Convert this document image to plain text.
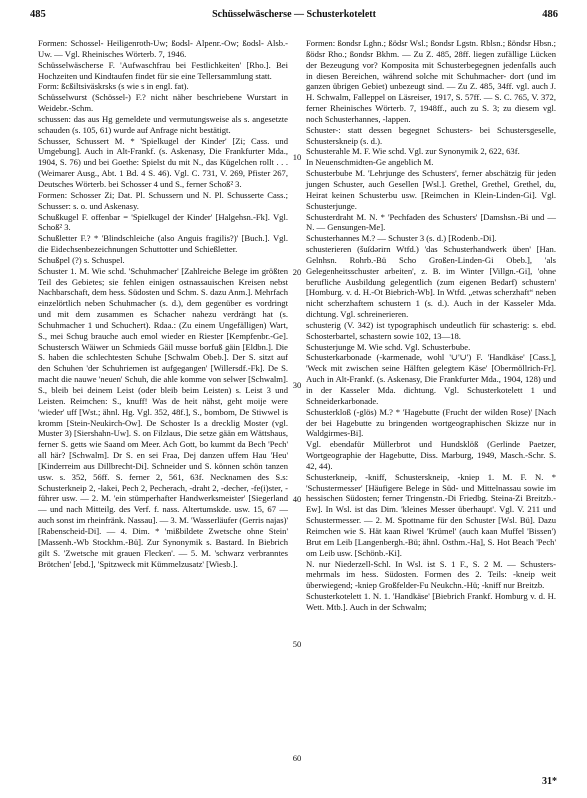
485	Schüsselwäscherse — Schusterkotelett	486

Formen: Schossel- Heiligenroth-Uw; ßodsl- Alpenr.-Ow; ßodsl- Alsb.-Uw. — Vgl. Rheinisches Wörterb. 7, 1946.

Schüsselwäscherse F. 'Aufwaschfrau bei Festlichkeiten' [Rho.]. Bei Hochzeiten und Kindtaufen findet für sie eine Tellersammlung statt.

Form: ßcßiltsiväskrsks (s wie s in engl. fat).

Schüsselwurst (Schössel-) F.? nicht näher beschriebene Wurstart in Weidebr.-Schm.

schussen: das aus Hg gemeldete und vermutungsweise als s. angesetzte schauden (s. 105, 61) wurde auf Anfrage nicht bestätigt.

Schusser, Schussert M. * 'Spielkugel der Kinder' [Zi; Cass. und Umgebung]. Auch in Alt-Frankf. (s. Askenasy, Die Frankfurter Mda., 1904, S. 76) und bei Goethe: Spielst du mit N., das Kügelchen rollt . . . (Weimarer Ausg., Abt. 1 Bd. 4 S. 46). Vgl. C. 731, V. 269, Pfister 267, Deutsches Wörterb. bei Schosser 4 und S., ferner Schoß² 3.

Formen: Schosser Zi; Dat. Pl. Schussern und N. Pl. Schusserte Cass.; Schusser: s. o. und Askenasy.

Schußkugel F. offenbar = 'Spielkugel der Kinder' [Halgehsn.-Fk]. Vgl. Schoß² 3.

Schußletter F.? * 'Blindschleiche (also Anguis fragilis?)' [Buch.]. Vgl. die Eidechsenbezeichnungen Schuttotter und Schießletter.

Schußpel (?) s. Schuspel.

Schuster 1. M. Wie schd. 'Schuhmacher' [Zahlreiche Belege im größten Teil des Gebietes; sie fehlen einigen ostnassauischen Kreisen nebst Nachbarschaft, dem hess. Südosten und Schm. S. dazu Anm.]. Mehrfach einzelörtlich neben Schuhmacher (s. d.), dem gegenüber es vordringt und mit dem zusammen es Schacher nahezu verdrängt hat (s. Schuhmacher 1 und Schuchert). Rdaa.: (Zu einem Ungefälligen) Wart, S., mei Schug brauche auch emol wieder en Riester [Kempfenbr.-Ge]. Schustersch Wäiwer un Schmieds Gäil musse borfuß gäin [Eldbn.]. Die S. haben die schlechtesten Schuhe [Schwalm Obeb.]. Der S. sitzt auf den Schuhen 'der Schuhriemen ist aufgegangen' [Willersdf.-Fk]. De S. macht die nauwe 'neuen' Schuh, die ahle komme von selwer [Schwalm]. S., bleib bei deinem Leist (oder bleib beim Leisten) s. Leist 3 und Leisten. Reimchen: S., knuff! Was de heit nähst, geht moije were 'wieder' uff [Wst.; ähnl. Hg. Vgl. 352, 48f.], S., bombom, De Stiwwel is kromm [Stein-Neukirch-Ow]. De Schoster Is a drecklig Moster (vgl. Muster 3) [Siershahn-Uw]. S. on Filzlaus, Die setze gään em Wättshaus, ferner S. getts wie Saand om Meer. Ach Gott, bo kummt da Bech 'Pech' all här? [Schwalm]. Dr S. en sei Fraa, Dej danzen uffem Hau 'Heu' [Kinderreim aus Dillbrecht-Di]. Schneider und S. können schön tanzen usw. s. 352, 56ff. S. ferner 2, 561, 63f. Necknamen des S.s: Schusterkneip 2, -lakei, Pech 2, Pecherach, -draht 2, -decher, -fe(i)ster, -führer usw. — 2. M. 'ein stümperhafter Handwerksmeister' [Siegerland — und nach Mitteilg. des Verf. f. nass. Altertumskde. usw. 15, 67 — auch sonst im rheinfränk. Nassau]. — 3. M. 'Wasserläufer (Gerris najas)' [Rabenscheid-Di]. — 4. Dim. * 'mißbildete Zwetsche ohne Stein' [Massenh.-Wb Stockhm.-Bü]. Zur Synonymik s. Bastard. In Biebrich gilt S. 'Zwetsche mit grauen Flecken'. — 5. M. 'schwarz verbranntes Brötchen' [ebd.], 'Spitzweck mit Kümmelzusatz' [Wiesb.].

Formen: ßondsr Lghn.; ßödsr Wsl.; ßondsr Lgstn. Rblsn.; ßöndsr Hbsn.; ßödsr Rho.; ßondsr Bkhm. — Zu Z. 485, 28ff. liegen zufällige Lücken der Bezeugung vor? Komposita mit Schusterbegegnen jedenfalls auch in diesen Bereichen, während solche mit Schuhmacher- dort (und im ganzen übrigen Gebiet) unbezeugt sind. — Zu Z. 485, 34ff. vgl. auch J. H. Schwalm, Falleppel on Läsreiser, 1917, S. 57ff. — S. C. 765, V. 372, ferner Rheinisches Wörterb. 7, 1948ff., auch zu S. 3; zu diesem vgl. noch Schusterhannes, -lappen.

Schuster-: statt dessen begegnet Schusters- bei Schustersgeselle, Schusterskneip (s. d.).

Schusterahle M. F. Wie schd. Vgl. zur Synonymik 2, 622, 63f.

In Neuenschmidten-Ge angeblich M.

Schusterbube M. 'Lehrjunge des Schusters', ferner abschätzig für jeden jungen Schuster, auch Gesellen [Wsl.]. Grethel, Grethel, Grethel, du, Heirat keinen Schusterbu usw. [Reimchen in Klein-Linden-Gi]. Vgl. Schusterjunge.

Schusterdraht M. N. * 'Pechfaden des Schusters' [Damshsn.-Bi und — N. — Gensungen-Me].

Schusterhannes M.? — Schuster 3 (s. d.) [Rodenb.-Di].

schusterieren (šuſdərirn Wtfd.) 'das Schusterhandwerk üben' [Han. Gelnhsn. Rohrb.-Bü Scho Großen-Linden-Gi Obeb.], 'als Gelegenheitsschuster arbeiten', z. B. im Winter [Villgn.-Gi], 'ohne berufliche Ausbildung gelegentlich (zum eigenen Bedarf) schustern' [Homburg. v. d. H.-Ot Biebrich-Wb]. In Wtfd. „etwas scherzhaft“ neben nicht scherzhaftem schustern 1 (s. d.). Auch in der Kasseler Mda. dichtung. Vgl. schreinerieren.

schusterig (V. 342) ist typographisch undeutlich für schasterig: s. ebd. Schosterbartel, schastern sowie 102, 13—18.

Schusterjunge M. Wie schd. Vgl. Schusterbube.

Schusterkarbonade (-karmenade, wohl '∪'∪') F. 'Handkäse' [Cass.], 'Weck mit zwischen seine Hälften gelegtem Käse' [Obermöllrich-Fr]. Auch in Alt-Frankf. (s. Askenasy, Die Frankfurter Mda., 1904, 128) und in der Kasseler Mda. dichtung. Vgl. Schusterkotelett 1 und Schneiderkarbonade.

Schusterkloß (-glös) M.? * 'Hagebutte (Frucht der wilden Rose)' [Nach der bei Hagebutte zu bringenden wortgeographischen Skizze nur in Waldgirmes-Bi].

Vgl. ebendafür Müllerbrot und Hundsklöß (Gerlinde Paetzer, Wortgeographie der Hagebutte, Diss. Marburg, 1949, Masch.-Schr. S. 42, 44).

Schusterkneip, -kniff, Schusterskneip, -kniep 1. M. F. N. * 'Schustermesser' [Häufigere Belege in Süd- und Mittelnassau sowie im hessischen Südosten; ferner Tringenstn.-Di Friedbg. Steinа-Zi Breitzb.-Ew]. In Wsl. ist das Dim. 'kleines Messer überhaupt'. Vgl. V. 211 und Schustermesser. — 2. M. Spottname für den Schuster [Wsl. Bü]. Dazu Reimchen wie S. Hät kaan Riwel 'Krümel' (auch kaan Muffel 'Bissen') Brut em Leib [Langenbergh.-Bü; ähnl. Osthm.-Ha], S. Hot Beach 'Pech' om Leib usw. [Schönb.-Ki].

N. nur Niederzell-Schl. In Wsl. ist S. 1 F., S. 2 M. — Schusters- mehrmals im hess. Südosten. Formen des 2. Teils: -kneip weit überwiegend; -kniep Großfelder-Fu Neukchn.-Hü; -kniff nur Breitzb.

Schusterkotelett 1. N. 1. 'Handkäse' [Biebrich Frankf. Homburg v. d. H. Wett. Mtb.]. Auch in der Schwalm;

10
20
30
40
50
60
31*
